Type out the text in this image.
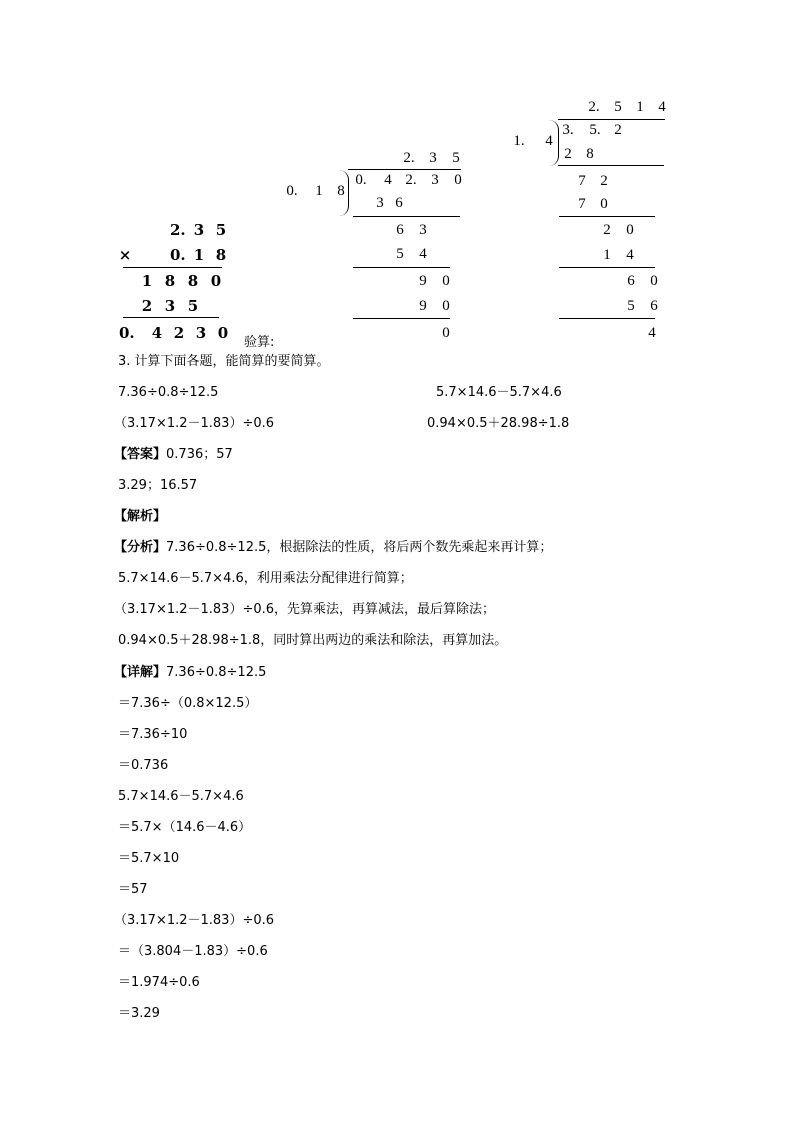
2. 3 5
×	0. 1 8
1 8 8 0
2 3 5
0. 4 2 3 0
验算:
2. 3 5
0. 1 8
0. 4 2. 3 0
3 6
6 3
5 4
9 0
9 0
0
2. 5 1 4
1. 4
3. 5. 2
2 8
7 2
7 0
2 0
1 4
6 0
5 6
4
3. 计算下面各题，能简算的要简算。
7.36÷0.8÷12.5	5.7×14.6－5.7×4.6
（3.17×1.2－1.83）÷0.6	0.94×0.5＋28.98÷1.8
【答案】0.736；57
3.29；16.57
【解析】
【分析】7.36÷0.8÷12.5，根据除法的性质，将后两个数先乘起来再计算；
5.7×14.6－5.7×4.6，利用乘法分配律进行简算；
（3.17×1.2－1.83）÷0.6，先算乘法，再算减法，最后算除法；
0.94×0.5＋28.98÷1.8，同时算出两边的乘法和除法，再算加法。
【详解】7.36÷0.8÷12.5
＝7.36÷（0.8×12.5）
＝7.36÷10
＝0.736
5.7×14.6－5.7×4.6
＝5.7×（14.6－4.6）
＝5.7×10
＝57
（3.17×1.2－1.83）÷0.6
＝（3.804－1.83）÷0.6
＝1.974÷0.6
＝3.29
